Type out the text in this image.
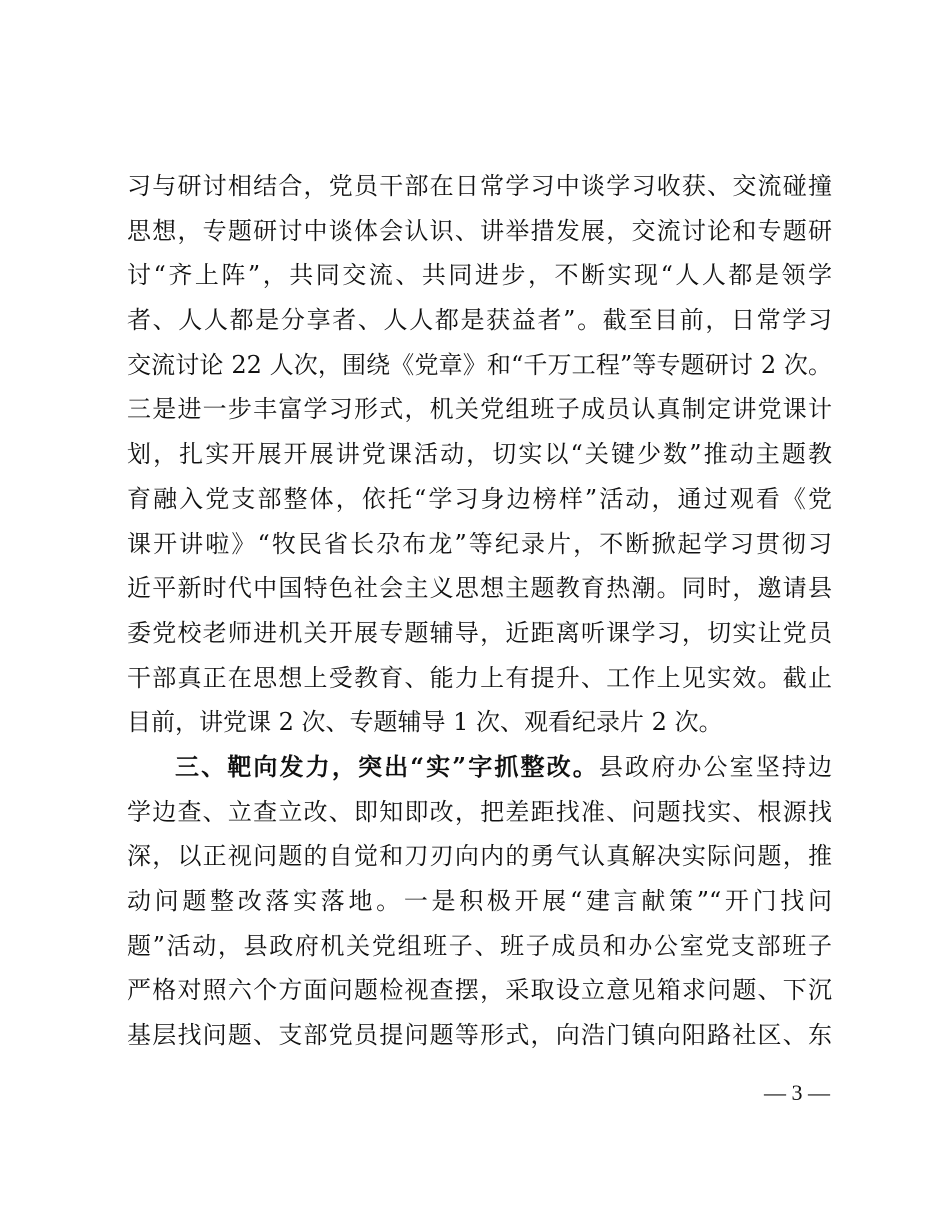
习与研讨相结合，党员干部在日常学习中谈学习收获、交流碰撞
思想，专题研讨中谈体会认识、讲举措发展，交流讨论和专题研
讨“齐上阵”，共同交流、共同进步，不断实现“人人都是领学
者、人人都是分享者、人人都是获益者”。截至目前，日常学习
交流讨论 22 人次，围绕《党章》和“千万工程”等专题研讨 2 次。
三是进一步丰富学习形式，机关党组班子成员认真制定讲党课计
划，扎实开展开展讲党课活动，切实以“关键少数”推动主题教
育融入党支部整体，依托“学习身边榜样”活动，通过观看《党
课开讲啦》“牧民省长尕布龙”等纪录片，不断掀起学习贯彻习
近平新时代中国特色社会主义思想主题教育热潮。同时，邀请县
委党校老师进机关开展专题辅导，近距离听课学习，切实让党员
干部真正在思想上受教育、能力上有提升、工作上见实效。截止
目前，讲党课 2 次、专题辅导 1 次、观看纪录片 2 次。
三、靶向发力，突出“实”字抓整改。县政府办公室坚持边
学边查、立查立改、即知即改，把差距找准、问题找实、根源找
深，以正视问题的自觉和刀刃向内的勇气认真解决实际问题，推
动问题整改落实落地。一是积极开展“建言献策”“开门找问
题”活动，县政府机关党组班子、班子成员和办公室党支部班子
严格对照六个方面问题检视查摆，采取设立意见箱求问题、下沉
基层找问题、支部党员提问题等形式，向浩门镇向阳路社区、东
— 3 —
